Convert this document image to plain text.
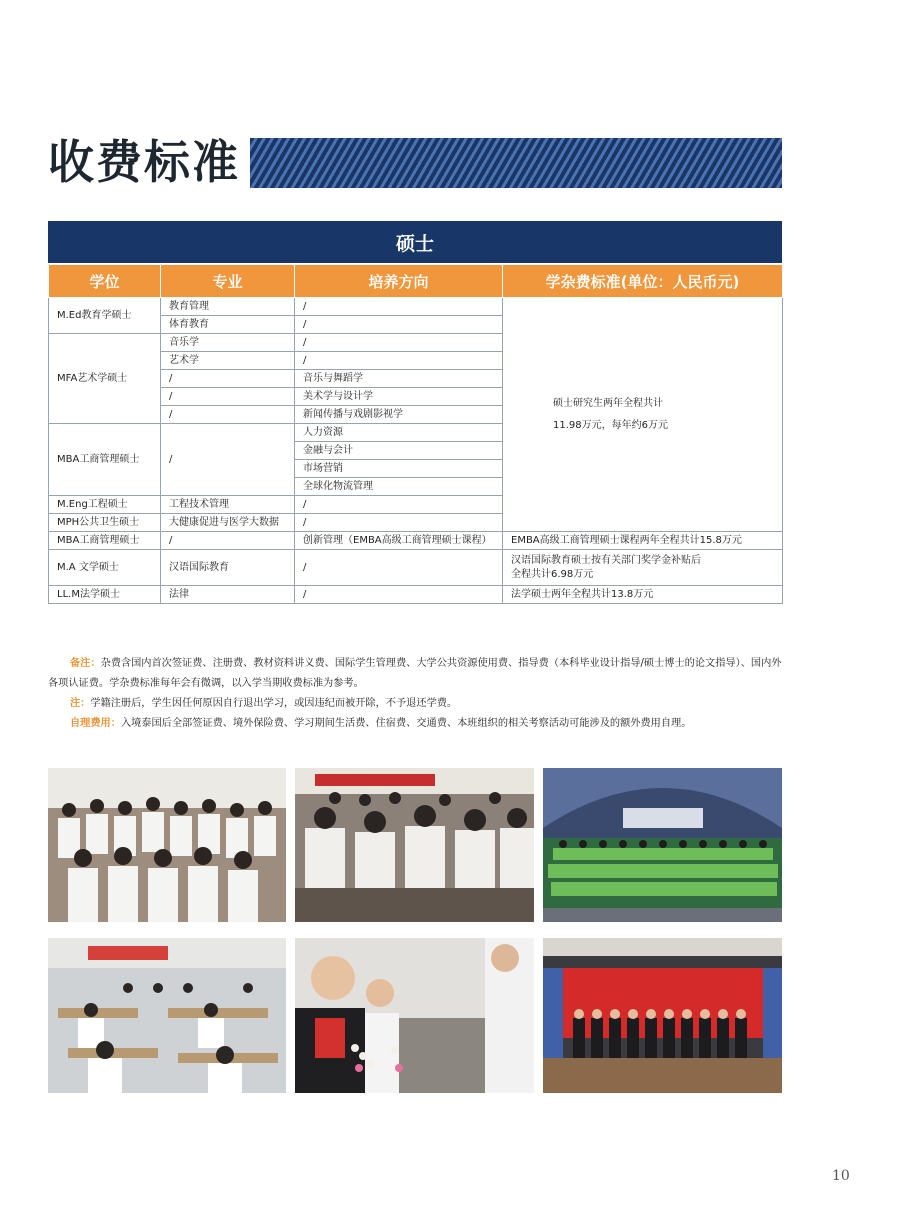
收费标准
硕士
学位	专业	培养方向	学杂费标准(单位：人民币元)
M.Ed教育学硕士	教育管理	/	硕士研究生两年全程共计
11.98万元，每年约6万元
	体育教育	/	
MFA艺术学硕士	音乐学	/	
	艺术学	/	
	/	音乐与舞蹈学	
	/	美术学与设计学	
	/	新闻传播与戏剧影视学	
MBA工商管理硕士	/	人力资源	
		金融与会计	
		市场营销	
		全球化物流管理	
M.Eng工程硕士	工程技术管理	/	
MPH公共卫生硕士	大健康促进与医学大数据	/	
MBA工商管理硕士	/	创新管理（EMBA高级工商管理硕士课程）	EMBA高级工商管理硕士课程两年全程共计15.8万元
M.A 文学硕士	汉语国际教育	/	汉语国际教育硕士按有关部门奖学金补贴后
全程共计6.98万元
LL.M法学硕士	法律	/	法学硕士两年全程共计13.8万元

备注：杂费含国内首次签证费、注册费、教材资料讲义费、国际学生管理费、大学公共资源使用费、指导费（本科毕业设计指导/硕士博士的论文指导）、国内外各项认证费。学杂费标准每年会有微调，以入学当期收费标准为参考。

注：学籍注册后，学生因任何原因自行退出学习，或因违纪而被开除，不予退还学费。

自理费用：入境泰国后全部签证费、境外保险费、学习期间生活费、住宿费、交通费、本班组织的相关考察活动可能涉及的额外费用自理。

10
